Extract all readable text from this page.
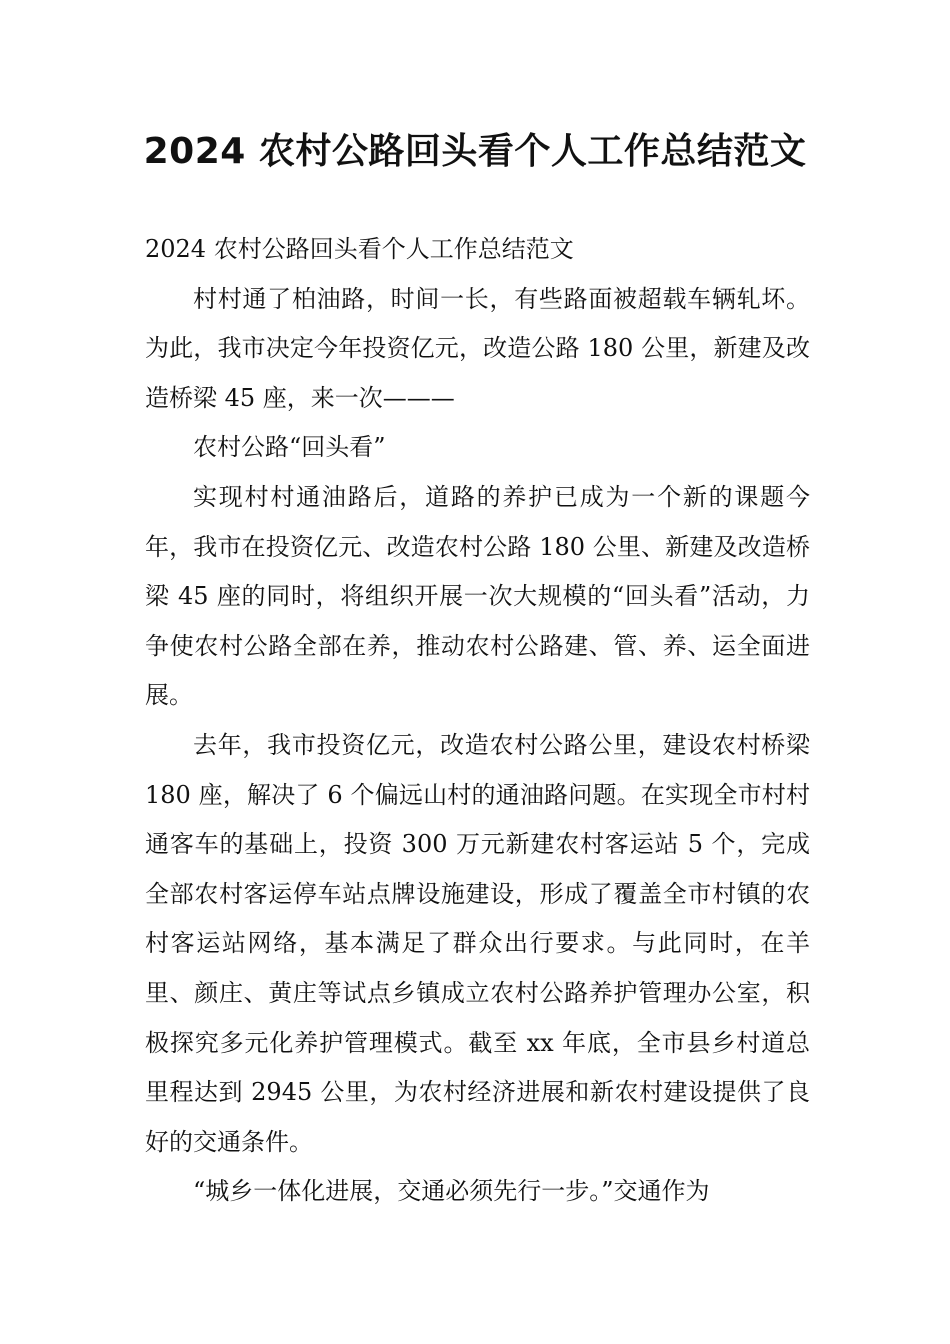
2024 农村公路回头看个人工作总结范文

2024 农村公路回头看个人工作总结范文

村村通了柏油路，时间一长，有些路面被超载车辆轧坏。为此，我市决定今年投资亿元，改造公路 180 公里，新建及改造桥梁 45 座，来一次———

农村公路“回头看”

实现村村通油路后，道路的养护已成为一个新的课题今年，我市在投资亿元、改造农村公路 180 公里、新建及改造桥梁 45 座的同时，将组织开展一次大规模的“回头看”活动，力争使农村公路全部在养，推动农村公路建、管、养、运全面进展。

去年，我市投资亿元，改造农村公路公里，建设农村桥梁 180 座，解决了 6 个偏远山村的通油路问题。在实现全市村村通客车的基础上，投资 300 万元新建农村客运站 5 个，完成全部农村客运停车站点牌设施建设，形成了覆盖全市村镇的农村客运站网络，基本满足了群众出行要求。与此同时，在羊里、颜庄、黄庄等试点乡镇成立农村公路养护管理办公室，积极探究多元化养护管理模式。截至 xx 年底，全市县乡村道总里程达到 2945 公里，为农村经济进展和新农村建设提供了良好的交通条件。

“城乡一体化进展，交通必须先行一步。”交通作为
